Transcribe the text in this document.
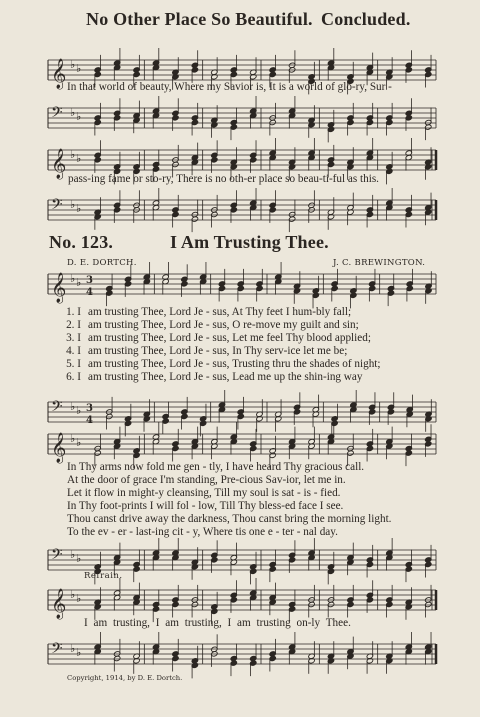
No Other Place So Beautiful. Concluded.
𝄞 ♭ ♭
In that world of beauty, Where my Savior is, It is a world of glo-ry, Sur -
𝄢 ♭ ♭
𝄞 ♭ ♭
pass-ing fame or sto-ry, There is no oth-er place so beau-ti-ful as this.
𝄢 ♭ ♭
No. 123.	I Am Trusting Thee.
D. E. DORTCH.	J. C. BREWINGTON.
𝄞 ♭ ♭ 3
4
1. I am trusting Thee, Lord Je - sus, At Thy feet I hum-bly fall;
2. I am trusting Thee, Lord Je - sus, O re-move my guilt and sin;
3. I am trusting Thee, Lord Je - sus, Let me feel Thy blood applied;
4. I am trusting Thee, Lord Je - sus, In Thy serv-ice let me be;
5. I am trusting Thee, Lord Je - sus, Trusting thru the shades of night;
6. I am trusting Thee, Lord Je - sus, Lead me up the shin-ing way
𝄢 ♭ ♭ 3
4
𝄞 ♭ ♭
In Thy arms now fold me gen - tly, I have heard Thy gracious call.
At the door of grace I'm standing, Pre-cious Sav-ior, let me in.
Let it flow in might-y cleansing, Till my soul is sat - is - fied.
In Thy foot-prints I will fol - low, Till Thy bless-ed face I see.
Thou canst drive away the darkness, Thou canst bring the morning light.
To the ev - er - last-ing cit - y, Where tis one e - ter - nal day.
𝄢 ♭ ♭
Refrain.
𝄞 ♭ ♭
I am trusting, I am trusting, I am trusting on-ly Thee.
𝄢 ♭ ♭
Copyright, 1914, by D. E. Dortch.
